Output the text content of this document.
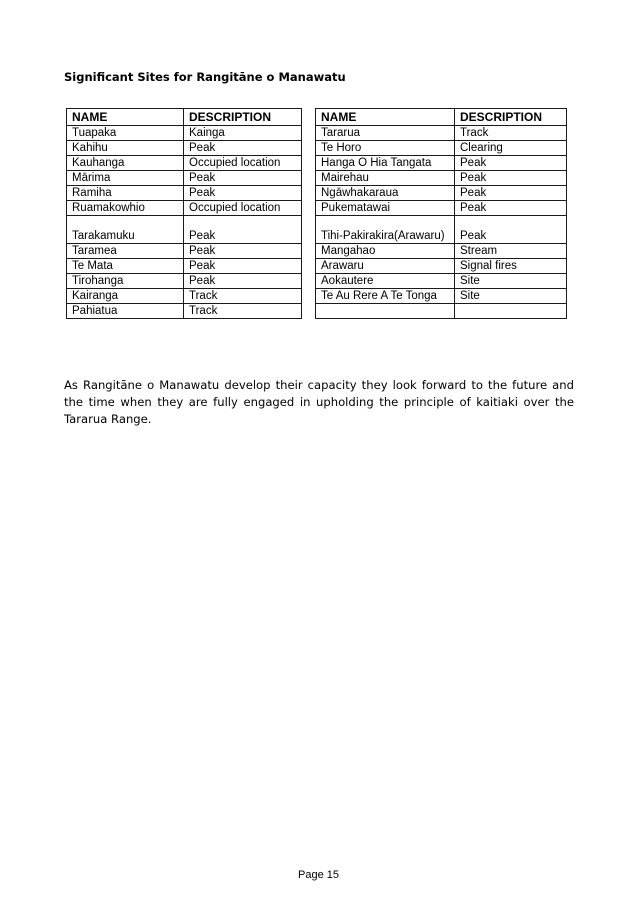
Significant Sites for Rangitāne o Manawatu

NAME	DESCRIPTION
Tuapaka	Kainga
Kahihu	Peak
Kauhanga	Occupied location
Mārima	Peak
Ramiha	Peak
Ruamakowhio	Occupied location
Tarakamuku	Peak
Taramea	Peak
Te Mata	Peak
Tirohanga	Peak
Kairanga	Track
Pahiatua	Track
NAME	DESCRIPTION
Tararua	Track
Te Horo	Clearing
Hanga O Hia Tangata	Peak
Mairehau	Peak
Ngāwhakaraua	Peak
Pukematawai	Peak
Tihi-Pakirakira(Arawaru)	Peak
Mangahao	Stream
Arawaru	Signal fires
Aokautere	Site
Te Au Rere A Te Tonga	Site

As Rangitāne o Manawatu develop their capacity they look forward to the future and the time when they are fully engaged in upholding the principle of kaitiaki over the Tararua Range.

Page 15
